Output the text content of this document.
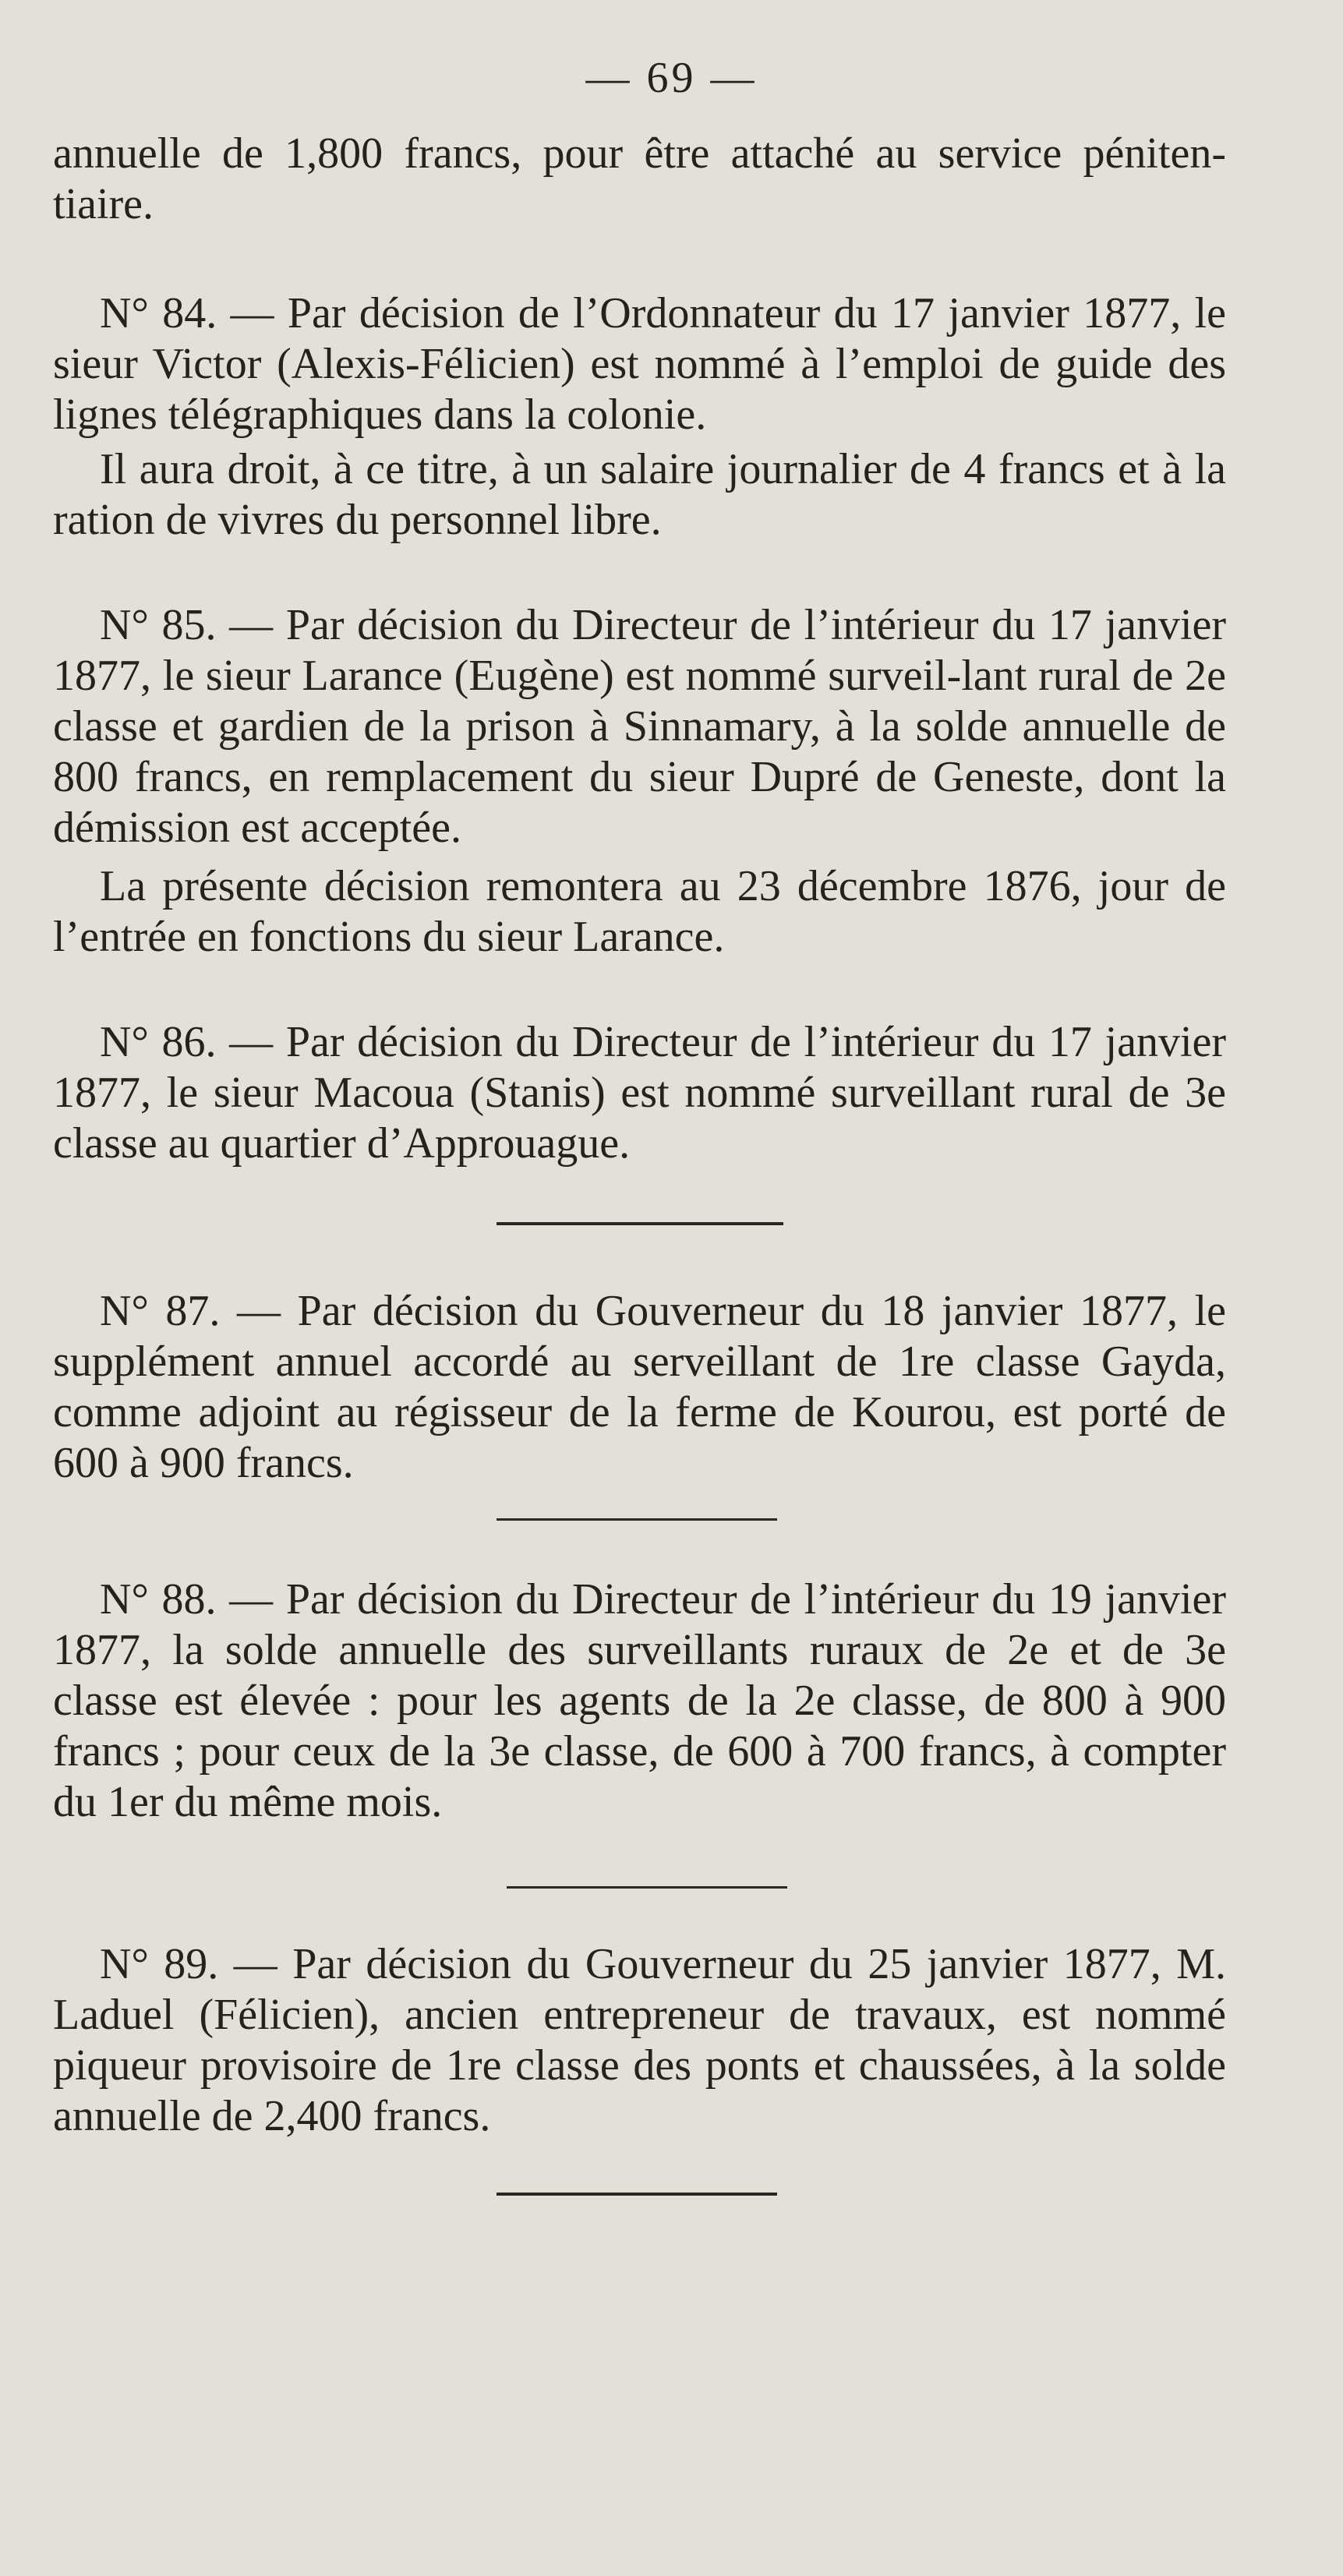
— 69 —

annuelle de 1,800 francs, pour être attaché au service péniten-tiaire.

N° 84. — Par décision de l’Ordonnateur du 17 janvier 1877, le sieur Victor (Alexis-Félicien) est nommé à l’emploi de guide des lignes télégraphiques dans la colonie.

Il aura droit, à ce titre, à un salaire journalier de 4 francs et à la ration de vivres du personnel libre.

N° 85. — Par décision du Directeur de l’intérieur du 17 janvier 1877, le sieur Larance (Eugène) est nommé surveil-lant rural de 2e classe et gardien de la prison à Sinnamary, à la solde annuelle de 800 francs, en remplacement du sieur Dupré de Geneste, dont la démission est acceptée.

La présente décision remontera au 23 décembre 1876, jour de l’entrée en fonctions du sieur Larance.

N° 86. — Par décision du Directeur de l’intérieur du 17 janvier 1877, le sieur Macoua (Stanis) est nommé surveillant rural de 3e classe au quartier d’Approuague.

N° 87. — Par décision du Gouverneur du 18 janvier 1877, le supplément annuel accordé au serveillant de 1re classe Gayda, comme adjoint au régisseur de la ferme de Kourou, est porté de 600 à 900 francs.

N° 88. — Par décision du Directeur de l’intérieur du 19 janvier 1877, la solde annuelle des surveillants ruraux de 2e et de 3e classe est élevée : pour les agents de la 2e classe, de 800 à 900 francs ; pour ceux de la 3e classe, de 600 à 700 francs, à compter du 1er du même mois.

N° 89. — Par décision du Gouverneur du 25 janvier 1877, M. Laduel (Félicien), ancien entrepreneur de travaux, est nommé piqueur provisoire de 1re classe des ponts et chaussées, à la solde annuelle de 2,400 francs.
